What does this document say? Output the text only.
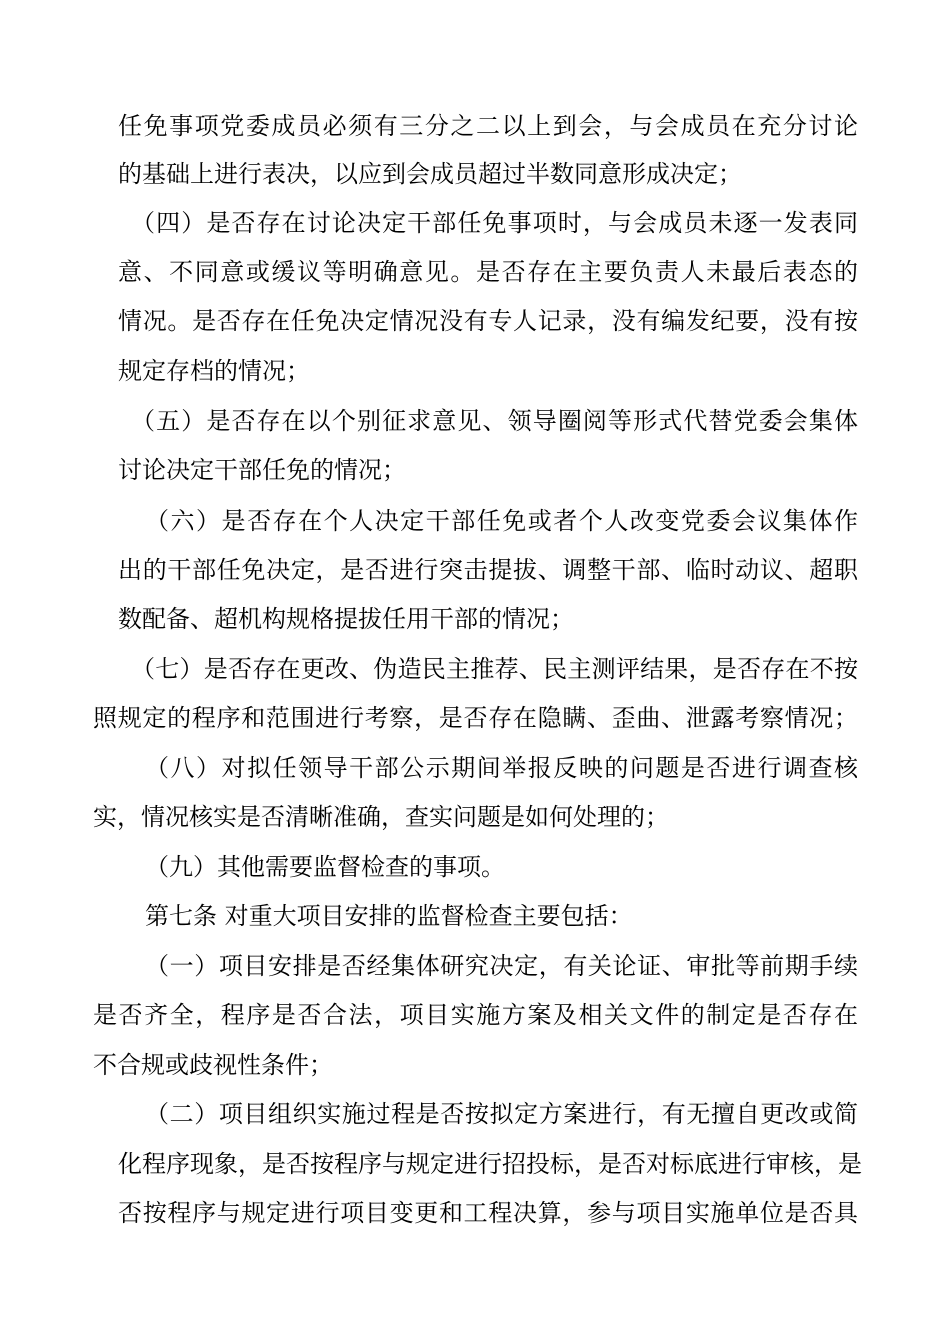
任免事项党委成员必须有三分之二以上到会，与会成员在充分讨论
的基础上进行表决，以应到会成员超过半数同意形成决定；
（四）是否存在讨论决定干部任免事项时，与会成员未逐一发表同
意、不同意或缓议等明确意见。是否存在主要负责人未最后表态的
情况。是否存在任免决定情况没有专人记录，没有编发纪要，没有按
规定存档的情况；
（五）是否存在以个别征求意见、领导圈阅等形式代替党委会集体
讨论决定干部任免的情况；
（六）是否存在个人决定干部任免或者个人改变党委会议集体作
出的干部任免决定，是否进行突击提拔、调整干部、临时动议、超职
数配备、超机构规格提拔任用干部的情况；
（七）是否存在更改、伪造民主推荐、民主测评结果，是否存在不按
照规定的程序和范围进行考察，是否存在隐瞒、歪曲、泄露考察情况；
（八）对拟任领导干部公示期间举报反映的问题是否进行调查核
实，情况核实是否清晰准确，查实问题是如何处理的；
（九）其他需要监督检查的事项。
第七条 对重大项目安排的监督检查主要包括：
（一）项目安排是否经集体研究决定，有关论证、审批等前期手续
是否齐全，程序是否合法，项目实施方案及相关文件的制定是否存在
不合规或歧视性条件；
（二）项目组织实施过程是否按拟定方案进行，有无擅自更改或简
化程序现象，是否按程序与规定进行招投标，是否对标底进行审核，是
否按程序与规定进行项目变更和工程决算，参与项目实施单位是否具
